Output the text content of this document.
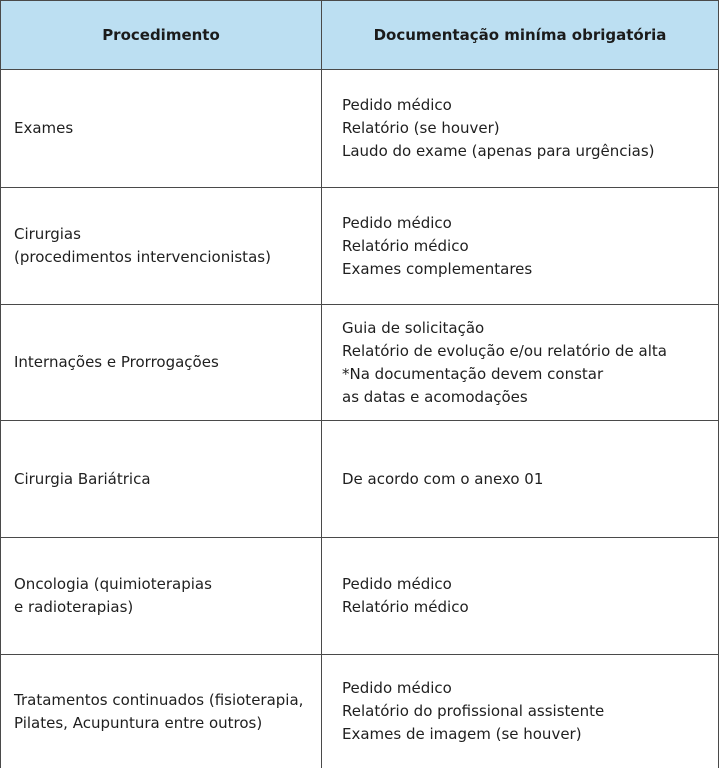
Procedimento	Documentação miníma obrigatória
Exames
Pedido médico
Relatório (se houver)
Laudo do exame (apenas para urgências)
Cirurgias
(procedimentos intervencionistas)
Pedido médico
Relatório médico
Exames complementares
Internações e Prorrogações
Guia de solicitação
Relatório de evolução e/ou relatório de alta
*Na documentação devem constar
as datas e acomodações
Cirurgia Bariátrica	De acordo com o anexo 01
Oncologia (quimioterapias
e radioterapias)
Pedido médico
Relatório médico
Tratamentos continuados (fisioterapia,
Pilates, Acupuntura entre outros)
Pedido médico
Relatório do profissional assistente
Exames de imagem (se houver)
